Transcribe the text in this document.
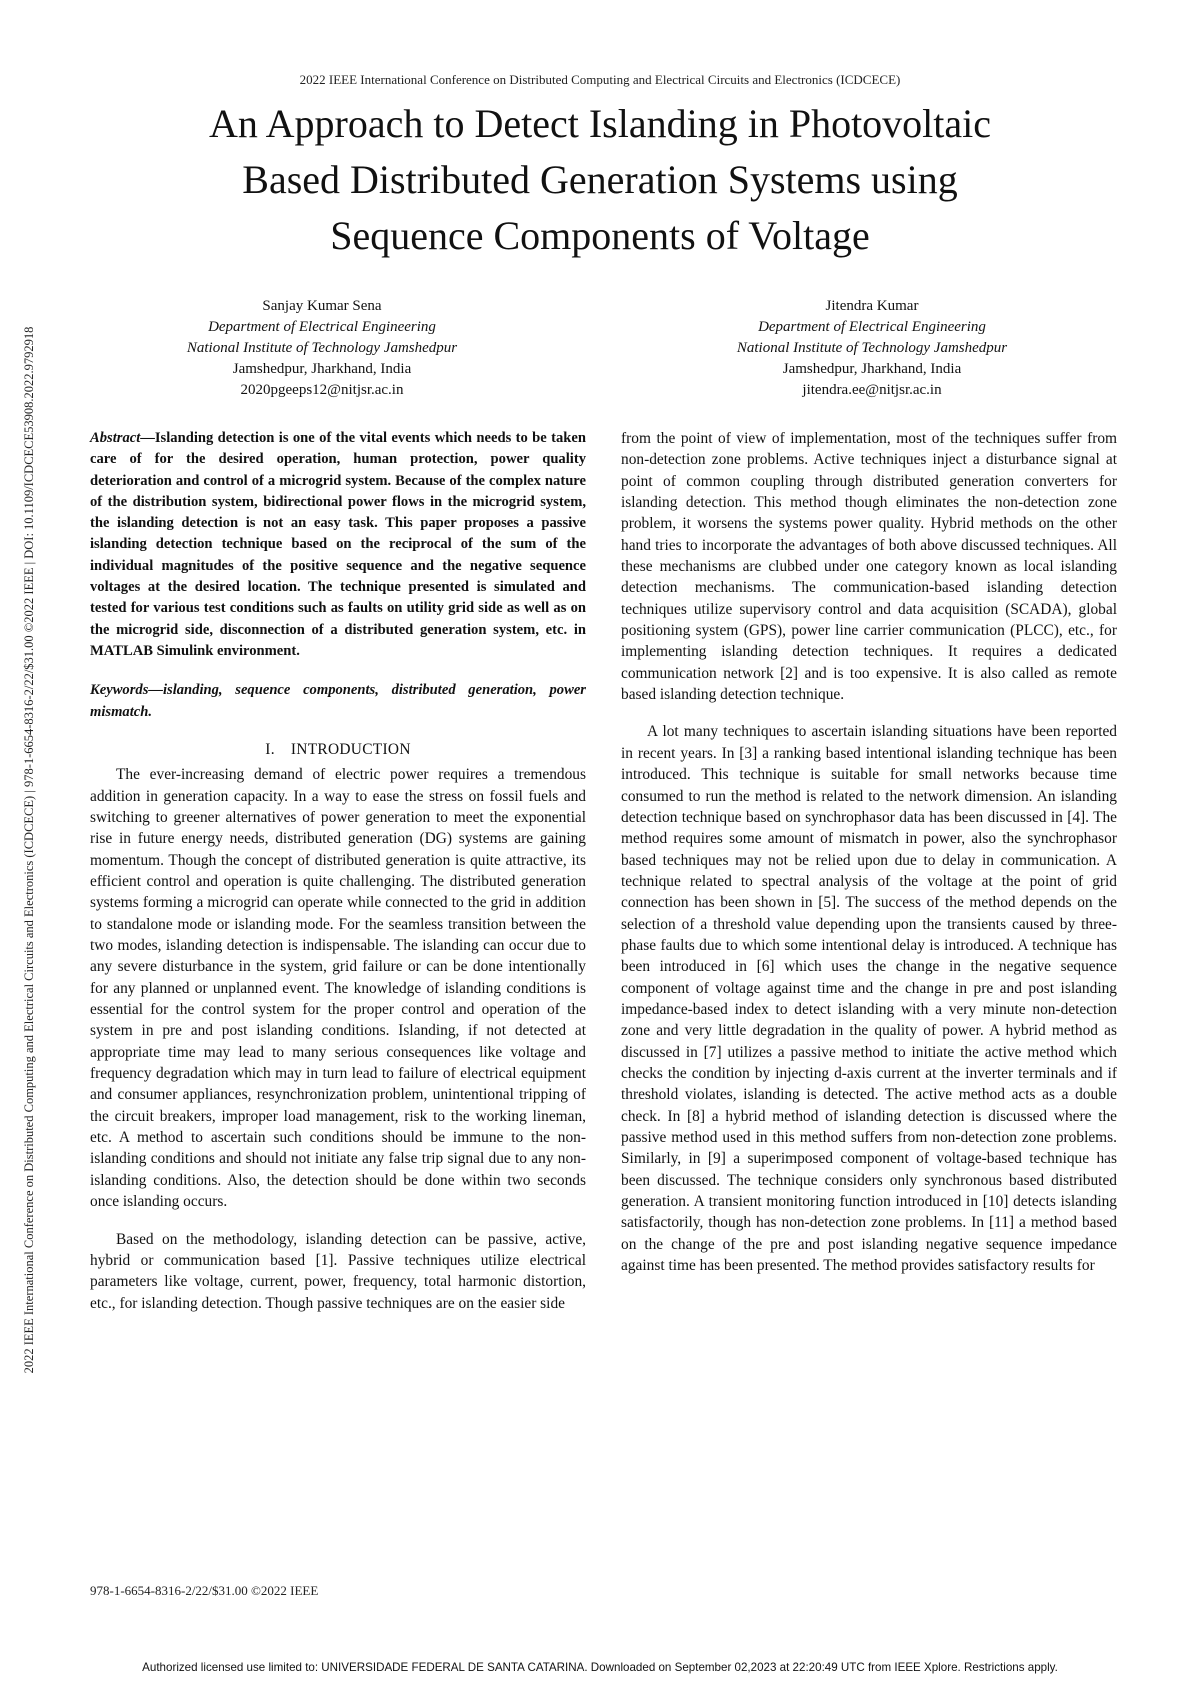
2022 IEEE International Conference on Distributed Computing and Electrical Circuits and Electronics (ICDCECE)
An Approach to Detect Islanding in Photovoltaic
Based Distributed Generation Systems using
Sequence Components of Voltage
Sanjay Kumar Sena
Department of Electrical Engineering
National Institute of Technology Jamshedpur
Jamshedpur, Jharkhand, India
2020pgeeps12@nitjsr.ac.in
Jitendra Kumar
Department of Electrical Engineering
National Institute of Technology Jamshedpur
Jamshedpur, Jharkhand, India
jitendra.ee@nitjsr.ac.in
2022 IEEE International Conference on Distributed Computing and Electrical Circuits and Electronics (ICDCECE) | 978-1-6654-8316-2/22/$31.00 ©2022 IEEE | DOI: 10.1109/ICDCECE53908.2022.9792918	Abstract—Islanding detection is one of the vital events which needs to be taken care of for the desired operation, human protection, power quality deterioration and control of a microgrid system. Because of the complex nature of the distribution system, bidirectional power flows in the microgrid system, the islanding detection is not an easy task. This paper proposes a passive islanding detection technique based on the reciprocal of the sum of the individual magnitudes of the positive sequence and the negative sequence voltages at the desired location. The technique presented is simulated and tested for various test conditions such as faults on utility grid side as well as on the microgrid side, disconnection of a distributed generation system, etc. in MATLAB Simulink environment.

Keywords—islanding, sequence components, distributed generation, power mismatch.

I. INTRODUCTION

The ever-increasing demand of electric power requires a tremendous addition in generation capacity. In a way to ease the stress on fossil fuels and switching to greener alternatives of power generation to meet the exponential rise in future energy needs, distributed generation (DG) systems are gaining momentum. Though the concept of distributed generation is quite attractive, its efficient control and operation is quite challenging. The distributed generation systems forming a microgrid can operate while connected to the grid in addition to standalone mode or islanding mode. For the seamless transition between the two modes, islanding detection is indispensable. The islanding can occur due to any severe disturbance in the system, grid failure or can be done intentionally for any planned or unplanned event. The knowledge of islanding conditions is essential for the control system for the proper control and operation of the system in pre and post islanding conditions. Islanding, if not detected at appropriate time may lead to many serious consequences like voltage and frequency degradation which may in turn lead to failure of electrical equipment and consumer appliances, resynchronization problem, unintentional tripping of the circuit breakers, improper load management, risk to the working lineman, etc. A method to ascertain such conditions should be immune to the non-islanding conditions and should not initiate any false trip signal due to any non-islanding conditions. Also, the detection should be done within two seconds once islanding occurs.

Based on the methodology, islanding detection can be passive, active, hybrid or communication based [1]. Passive techniques utilize electrical parameters like voltage, current, power, frequency, total harmonic distortion, etc., for islanding detection. Though passive techniques are on the easier side

from the point of view of implementation, most of the techniques suffer from non-detection zone problems. Active techniques inject a disturbance signal at point of common coupling through distributed generation converters for islanding detection. This method though eliminates the non-detection zone problem, it worsens the systems power quality. Hybrid methods on the other hand tries to incorporate the advantages of both above discussed techniques. All these mechanisms are clubbed under one category known as local islanding detection mechanisms. The communication-based islanding detection techniques utilize supervisory control and data acquisition (SCADA), global positioning system (GPS), power line carrier communication (PLCC), etc., for implementing islanding detection techniques. It requires a dedicated communication network [2] and is too expensive. It is also called as remote based islanding detection technique.

A lot many techniques to ascertain islanding situations have been reported in recent years. In [3] a ranking based intentional islanding technique has been introduced. This technique is suitable for small networks because time consumed to run the method is related to the network dimension. An islanding detection technique based on synchrophasor data has been discussed in [4]. The method requires some amount of mismatch in power, also the synchrophasor based techniques may not be relied upon due to delay in communication. A technique related to spectral analysis of the voltage at the point of grid connection has been shown in [5]. The success of the method depends on the selection of a threshold value depending upon the transients caused by three-phase faults due to which some intentional delay is introduced. A technique has been introduced in [6] which uses the change in the negative sequence component of voltage against time and the change in pre and post islanding impedance-based index to detect islanding with a very minute non-detection zone and very little degradation in the quality of power. A hybrid method as discussed in [7] utilizes a passive method to initiate the active method which checks the condition by injecting d-axis current at the inverter terminals and if threshold violates, islanding is detected. The active method acts as a double check. In [8] a hybrid method of islanding detection is discussed where the passive method used in this method suffers from non-detection zone problems. Similarly, in [9] a superimposed component of voltage-based technique has been discussed. The technique considers only synchronous based distributed generation. A transient monitoring function introduced in [10] detects islanding satisfactorily, though has non-detection zone problems. In [11] a method based on the change of the pre and post islanding negative sequence impedance against time has been presented. The method provides satisfactory results for

978-1-6654-8316-2/22/$31.00 ©2022 IEEE
Authorized licensed use limited to: UNIVERSIDADE FEDERAL DE SANTA CATARINA. Downloaded on September 02,2023 at 22:20:49 UTC from IEEE Xplore. Restrictions apply.
